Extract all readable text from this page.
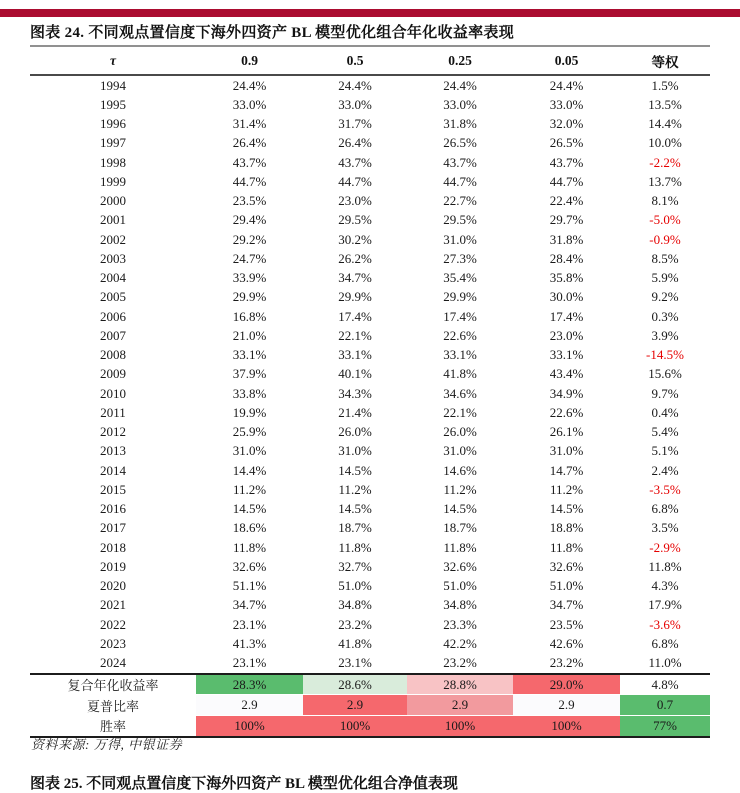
图表 24. 不同观点置信度下海外四资产 BL 模型优化组合年化收益率表现
τ	0.9	0.5	0.25	0.05	等权
1994	24.4%	24.4%	24.4%	24.4%	1.5%
1995	33.0%	33.0%	33.0%	33.0%	13.5%
1996	31.4%	31.7%	31.8%	32.0%	14.4%
1997	26.4%	26.4%	26.5%	26.5%	10.0%
1998	43.7%	43.7%	43.7%	43.7%	-2.2%
1999	44.7%	44.7%	44.7%	44.7%	13.7%
2000	23.5%	23.0%	22.7%	22.4%	8.1%
2001	29.4%	29.5%	29.5%	29.7%	-5.0%
2002	29.2%	30.2%	31.0%	31.8%	-0.9%
2003	24.7%	26.2%	27.3%	28.4%	8.5%
2004	33.9%	34.7%	35.4%	35.8%	5.9%
2005	29.9%	29.9%	29.9%	30.0%	9.2%
2006	16.8%	17.4%	17.4%	17.4%	0.3%
2007	21.0%	22.1%	22.6%	23.0%	3.9%
2008	33.1%	33.1%	33.1%	33.1%	-14.5%
2009	37.9%	40.1%	41.8%	43.4%	15.6%
2010	33.8%	34.3%	34.6%	34.9%	9.7%
2011	19.9%	21.4%	22.1%	22.6%	0.4%
2012	25.9%	26.0%	26.0%	26.1%	5.4%
2013	31.0%	31.0%	31.0%	31.0%	5.1%
2014	14.4%	14.5%	14.6%	14.7%	2.4%
2015	11.2%	11.2%	11.2%	11.2%	-3.5%
2016	14.5%	14.5%	14.5%	14.5%	6.8%
2017	18.6%	18.7%	18.7%	18.8%	3.5%
2018	11.8%	11.8%	11.8%	11.8%	-2.9%
2019	32.6%	32.7%	32.6%	32.6%	11.8%
2020	51.1%	51.0%	51.0%	51.0%	4.3%
2021	34.7%	34.8%	34.8%	34.7%	17.9%
2022	23.1%	23.2%	23.3%	23.5%	-3.6%
2023	41.3%	41.8%	42.2%	42.6%	6.8%
2024	23.1%	23.1%	23.2%	23.2%	11.0%
复合年化收益率	28.3%	28.6%	28.8%	29.0%	4.8%
夏普比率	2.9	2.9	2.9	2.9	0.7
胜率	100%	100%	100%	100%	77%
资料来源: 万得, 中银证券
图表 25. 不同观点置信度下海外四资产 BL 模型优化组合净值表现
